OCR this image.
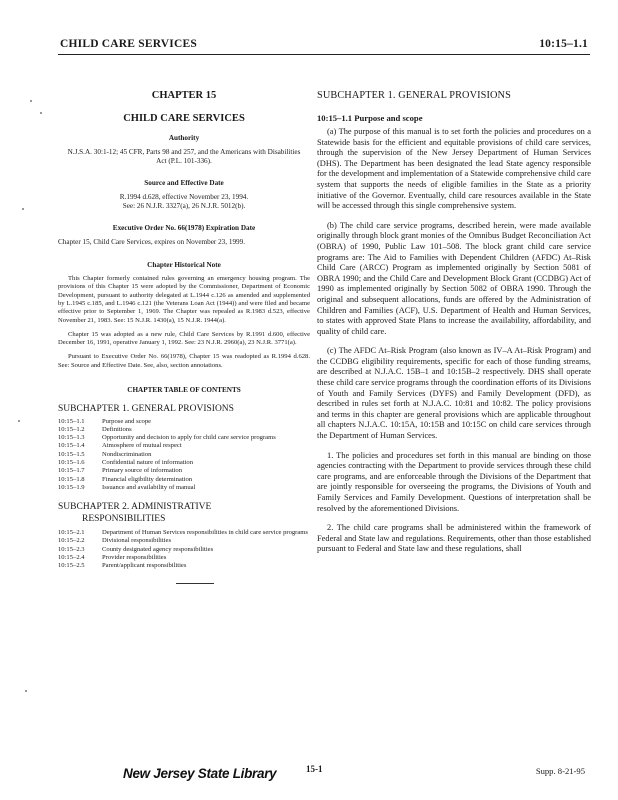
CHILD CARE SERVICES	10:15–1.1
CHAPTER 15
CHILD CARE SERVICES
Authority

N.J.S.A. 30:1-12; 45 CFR, Parts 98 and 257, and the Americans with Disabilities Act (P.L. 101-336).

Source and Effective Date

R.1994 d.628, effective November 23, 1994.

See: 26 N.J.R. 3327(a), 26 N.J.R. 5012(b).

Executive Order No. 66(1978) Expiration Date

Chapter 15, Child Care Services, expires on November 23, 1999.

Chapter Historical Note

This Chapter formerly contained rules governing an emergency housing program. The provisions of this Chapter 15 were adopted by the Commissioner, Department of Economic Development, pursuant to authority delegated at L.1944 c.126 as amended and supplemented by L.1945 c.185, and L.1946 c.121 (the Veterans Loan Act (1944)) and were filed and became effective prior to September 1, 1969. The Chapter was repealed as R.1983 d.523, effective November 21, 1983. See: 15 N.J.R. 1430(a), 15 N.J.R. 1944(a).

Chapter 15 was adopted as a new rule, Child Care Services by R.1991 d.600, effective December 16, 1991, operative January 1, 1992. See: 23 N.J.R. 2960(a), 23 N.J.R. 3771(a).

Pursuant to Executive Order No. 66(1978), Chapter 15 was readopted as R.1994 d.628. See: Source and Effective Date. See, also, section annotations.

CHAPTER TABLE OF CONTENTS

SUBCHAPTER 1. GENERAL PROVISIONS

10:15–1.1	Purpose and scope
10:15–1.2	Definitions
10:15–1.3	Opportunity and decision to apply for child care service programs
10:15–1.4	Atmosphere of mutual respect
10:15–1.5	Nondiscrimination
10:15–1.6	Confidential nature of information
10:15–1.7	Primary source of information
10:15–1.8	Financial eligibility determination
10:15–1.9	Issuance and availability of manual

SUBCHAPTER 2. ADMINISTRATIVE

RESPONSIBILITIES

10:15–2.1	Department of Human Services responsibilities in child care service programs
10:15–2.2	Divisional responsibilities
10:15–2.3	County designated agency responsibilities
10:15–2.4	Provider responsibilities
10:15–2.5	Parent/applicant responsibilities

SUBCHAPTER 1. GENERAL PROVISIONS

10:15–1.1 Purpose and scope

(a) The purpose of this manual is to set forth the policies and procedures on a Statewide basis for the efficient and equitable provisions of child care services, through the supervision of the New Jersey Department of Human Services (DHS). The Department has been designated the lead State agency responsible for the development and implementation of a Statewide comprehensive child care system that supports the needs of eligible families in the State as a priority initiative of the Governor. Eventually, child care resources available in the State will be accessed through this single comprehensive system.

(b) The child care service programs, described herein, were made available originally through block grant monies of the Omnibus Budget Reconciliation Act (OBRA) of 1990, Public Law 101–508. The block grant child care service programs are: The Aid to Families with Dependent Children (AFDC) At–Risk Child Care (ARCC) Program as implemented originally by Section 5081 of OBRA 1990; and the Child Care and Development Block Grant (CCDBG) Act of 1990 as implemented originally by Section 5082 of OBRA 1990. Through the original and subsequent allocations, funds are offered by the Administration of Children and Families (ACF), U.S. Department of Health and Human Services, to states with approved State Plans to increase the availability, affordability, and quality of child care.

(c) The AFDC At–Risk Program (also known as IV–A At–Risk Program) and the CCDBG eligibility requirements, specific for each of those funding streams, are described at N.J.A.C. 15B–1 and 10:15B–2 respectively. DHS shall operate these child care service programs through the coordination efforts of its Divisions of Youth and Family Services (DYFS) and Family Development (DFD), as described in rules set forth at N.J.A.C. 10:81 and 10:82. The policy provisions and terms in this chapter are general provisions which are applicable throughout all chapters N.J.A.C. 10:15A, 10:15B and 10:15C on child care services through the Department of Human Services.

1. The policies and procedures set forth in this manual are binding on those agencies contracting with the Department to provide services through these child care programs, and are enforceable through the Divisions of the Department that are jointly responsible for overseeing the programs, the Divisions of Youth and Family Services and Family Development. Questions of interpretation shall be resolved by the aforementioned Divisions.

2. The child care programs shall be administered within the framework of Federal and State law and regulations. Requirements, other than those established pursuant to Federal and State law and these regulations, shall

New Jersey State Library	15-1	Supp. 8-21-95
